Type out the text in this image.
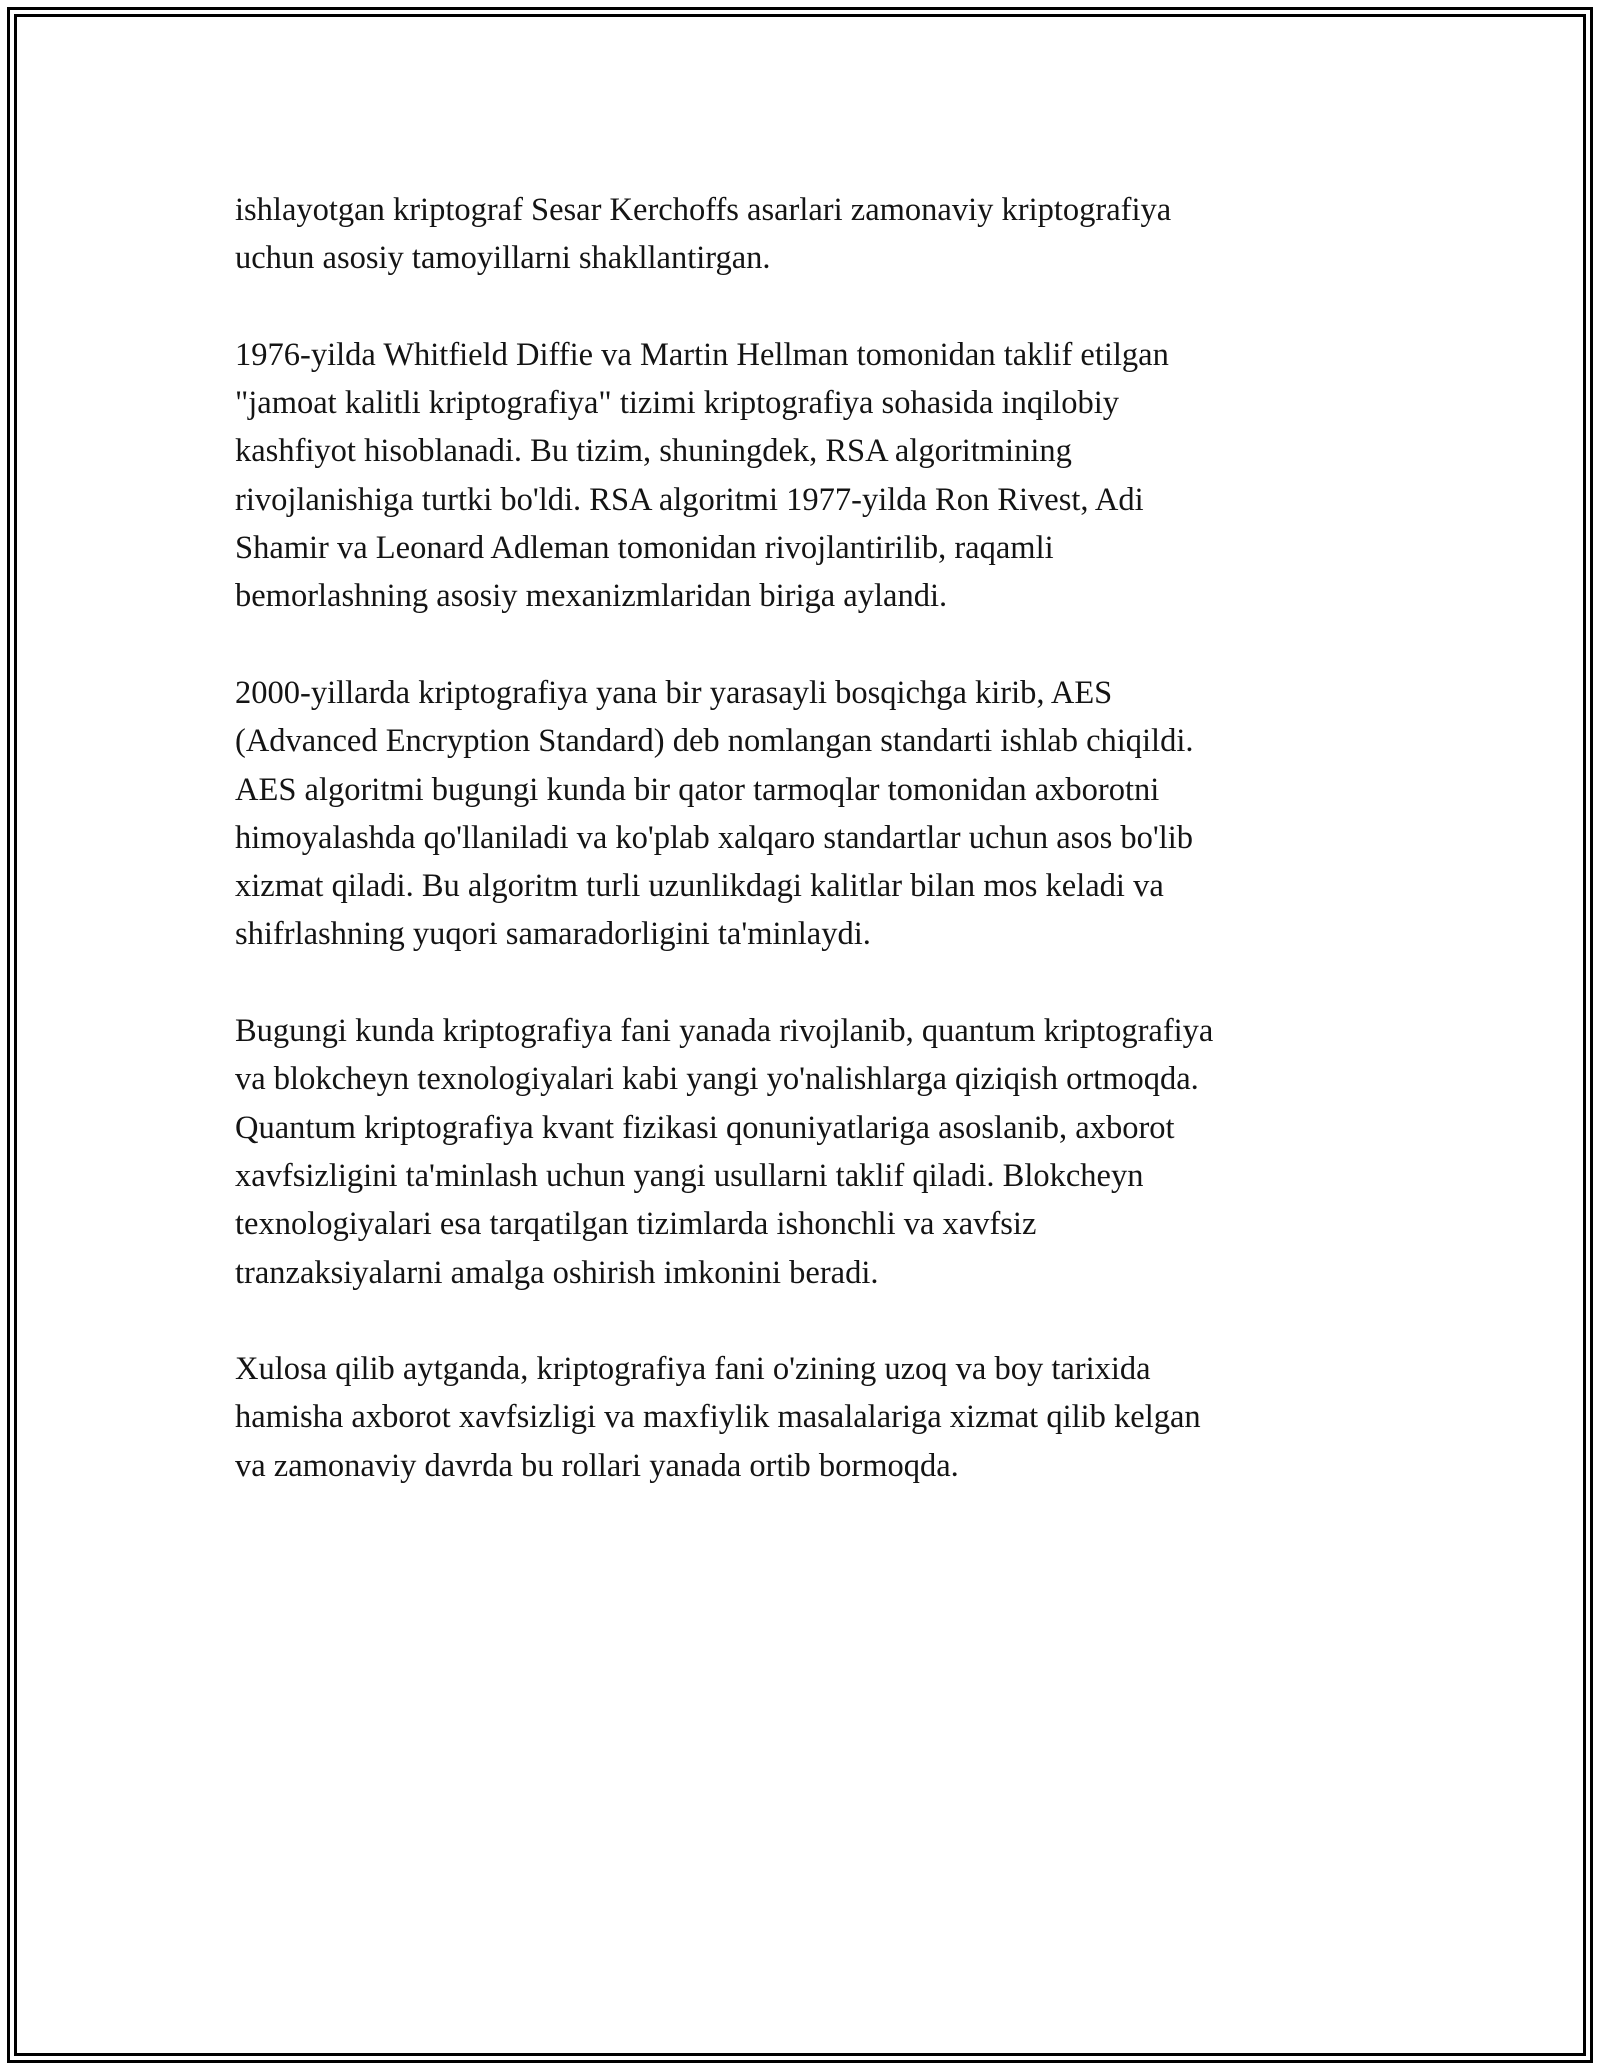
ishlayotgan kriptograf Sesar Kerchoffs asarlari zamonaviy kriptografiya
uchun asosiy tamoyillarni shakllantirgan.

1976-yilda Whitfield Diffie va Martin Hellman tomonidan taklif etilgan
"jamoat kalitli kriptografiya" tizimi kriptografiya sohasida inqilobiy
kashfiyot hisoblanadi. Bu tizim, shuningdek, RSA algoritmining
rivojlanishiga turtki bo'ldi. RSA algoritmi 1977-yilda Ron Rivest, Adi
Shamir va Leonard Adleman tomonidan rivojlantirilib, raqamli
bemorlashning asosiy mexanizmlaridan biriga aylandi.

2000-yillarda kriptografiya yana bir yarasayli bosqichga kirib, AES
(Advanced Encryption Standard) deb nomlangan standarti ishlab chiqildi.
AES algoritmi bugungi kunda bir qator tarmoqlar tomonidan axborotni
himoyalashda qo'llaniladi va ko'plab xalqaro standartlar uchun asos bo'lib
xizmat qiladi. Bu algoritm turli uzunlikdagi kalitlar bilan mos keladi va
shifrlashning yuqori samaradorligini ta'minlaydi.

Bugungi kunda kriptografiya fani yanada rivojlanib, quantum kriptografiya
va blokcheyn texnologiyalari kabi yangi yo'nalishlarga qiziqish ortmoqda.
Quantum kriptografiya kvant fizikasi qonuniyatlariga asoslanib, axborot
xavfsizligini ta'minlash uchun yangi usullarni taklif qiladi. Blokcheyn
texnologiyalari esa tarqatilgan tizimlarda ishonchli va xavfsiz
tranzaksiyalarni amalga oshirish imkonini beradi.

Xulosa qilib aytganda, kriptografiya fani o'zining uzoq va boy tarixida
hamisha axborot xavfsizligi va maxfiylik masalalariga xizmat qilib kelgan
va zamonaviy davrda bu rollari yanada ortib bormoqda.
